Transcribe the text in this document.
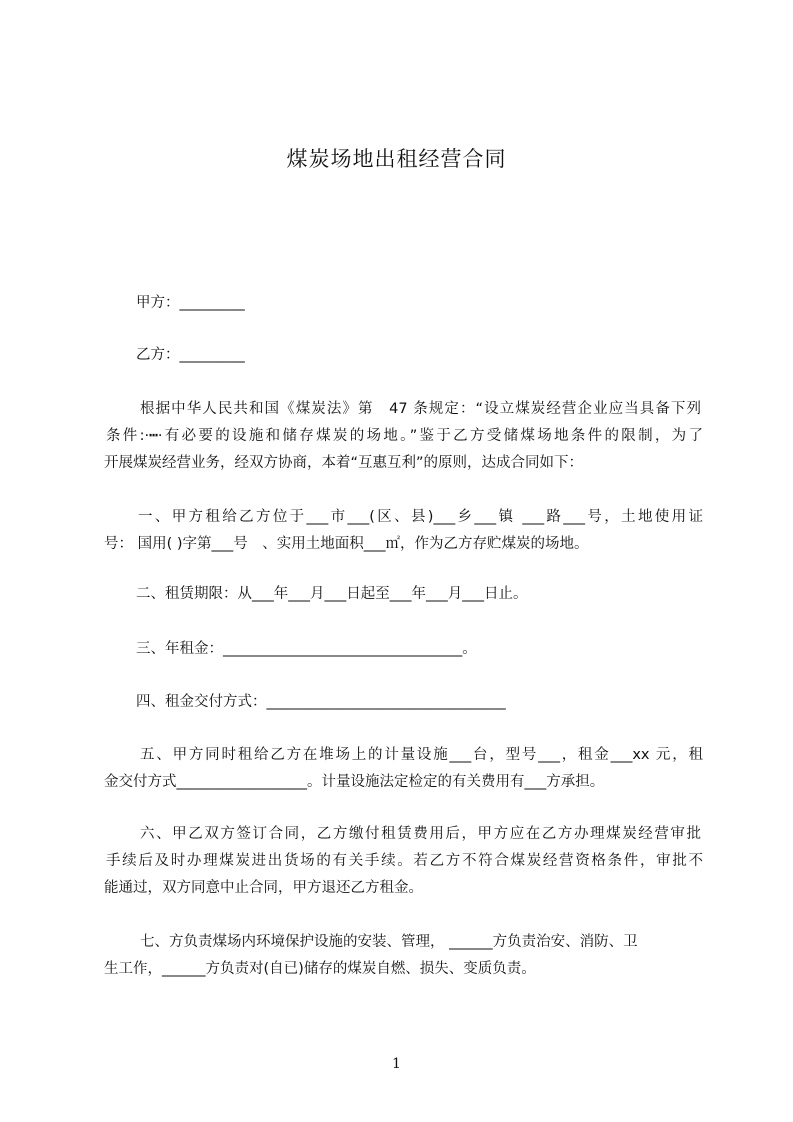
煤炭场地出租经营合同
甲方：_________
乙方：_________
根据中华人民共和国《煤炭法》第　47 条规定：“设立煤炭经营企业应当具备下列
条件:·┅·有必要的设施和储存煤炭的场地。”鉴于乙方受储煤场地条件的限制，为了
开展煤炭经营业务，经双方协商，本着“互惠互利”的原则，达成合同如下：
一、甲方租给乙方位于___市___(区、县)___乡___镇 ___路___号，土地使用证
号： 国用( )字第___号　、实用土地面积___㎡，作为乙方存贮煤炭的场地。
二、租赁期限：从___年___月___日起至___年___月___日止。
三、年租金：_________________________________。
四、租金交付方式：_________________________________
五、甲方同时租给乙方在堆场上的计量设施___台，型号___，租金___xx 元，租
金交付方式__________________。计量设施法定检定的有关费用有___方承担。
六、甲乙双方签订合同，乙方缴付租赁费用后，甲方应在乙方办理煤炭经营审批
手续后及时办理煤炭进出货场的有关手续。若乙方不符合煤炭经营资格条件，审批不
能通过，双方同意中止合同，甲方退还乙方租金。
七、方负责煤场内环境保护设施的安装、管理， ______方负责治安、消防、卫
生工作，______方负责对(自已)储存的煤炭自燃、损失、变质负责。
1
